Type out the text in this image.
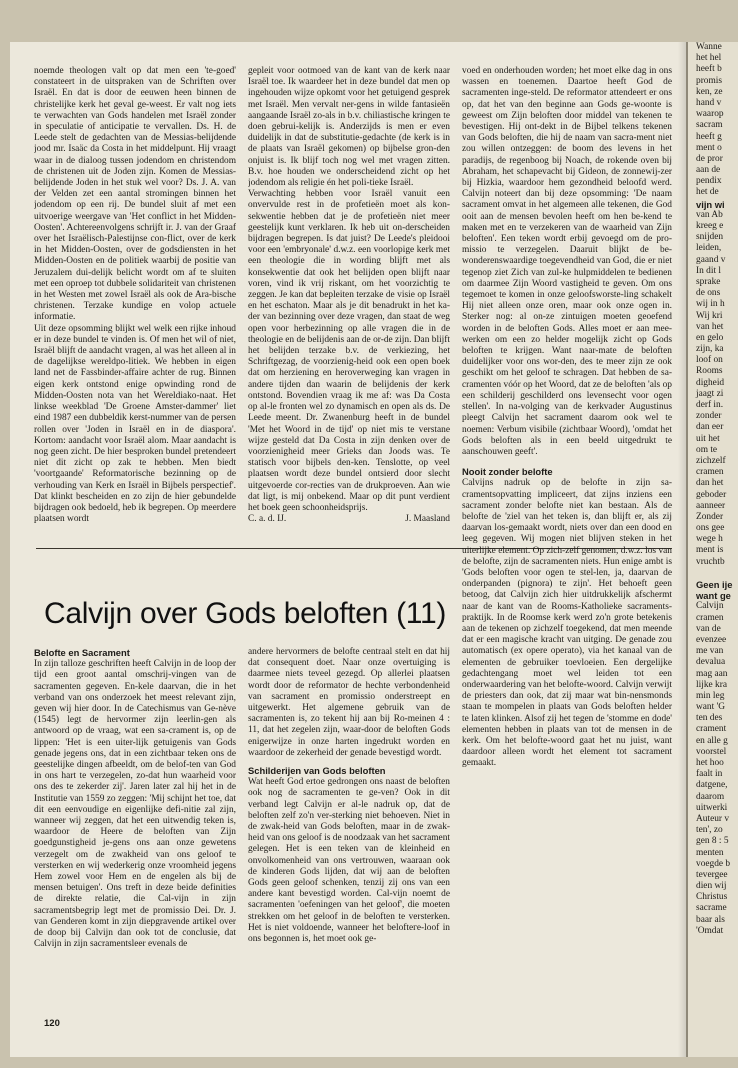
noemde theologen valt op dat men een 'te-goed' constateert in de uitspraken van de Schriften over Israël. En dat is door de eeuwen heen binnen de christelijke kerk het geval ge-weest. Er valt nog iets te verwachten van Gods handelen met Israël zonder in speculatie of anticipatie te vervallen. Ds. H. de Leede stelt de gedachten van de Messias-belijdende jood mr. Isaäc da Costa in het middelpunt. Hij vraagt waar in de dialoog tussen jodendom en christendom de christenen uit de Joden zijn. Komen de Messias-belijdende Joden in het stuk wel voor? Ds. J. A. van der Velden zet een aantal stromingen binnen het jodendom op een rij. De bundel sluit af met een uitvoerige weergave van 'Het conflict in het Midden-Oosten'. Achtereenvolgens schrijft ir. J. van der Graaf over het Israëlisch-Palestijnse con-flict, over de kerk in het Midden-Oosten, over de godsdiensten in het Midden-Oosten en de politiek waarbij de positie van Jeruzalem dui-delijk belicht wordt om af te sluiten met een oproep tot dubbele solidariteit van christenen in het Westen met zowel Israël als ook de Ara-bische christenen. Terzake kundige en volop actuele informatie.

Uit deze opsomming blijkt wel welk een rijke inhoud er in deze bundel te vinden is. Of men het wil of niet, Israël blijft de aandacht vragen, al was het alleen al in de dagelijkse wereldpo-litiek. We hebben in eigen land net de Fassbinder-affaire achter de rug. Binnen eigen kerk ontstond enige opwinding rond de Midden-Oosten nota van het Wereldiako-naat. Het linkse weekblad 'De Groene Amster-dammer' liet eind 1987 een dubbeldik kerst-nummer van de persen rollen over 'Joden in Israël en in de diaspora'. Kortom: aandacht voor Israël alom. Maar aandacht is nog geen zicht. De hier besproken bundel pretendeert niet dit zicht op zak te hebben. Men biedt 'voortgaande' Reformatorische bezinning op de verhouding van Kerk en Israël in Bijbels perspectief'. Dat klinkt bescheiden en zo zijn de hier gebundelde bijdragen ook bedoeld, heb ik begrepen. Op meerdere plaatsen wordt

gepleit voor ootmoed van de kant van de kerk naar Israël toe. Ik waardeer het in deze bundel dat men op ingehouden wijze opkomt voor het getuigend gesprek met Israël. Men vervalt ner-gens in wilde fantasieën aangaande Israël zo-als in b.v. chiliastische kringen te doen gebrui-kelijk is. Anderzijds is men er even duidelijk in dat de substitutie-gedachte (de kerk is in de plaats van Israël gekomen) op bijbelse gron-den onjuist is. Ik blijf toch nog wel met vragen zitten. B.v. hoe houden we onderscheidend zicht op het jodendom als religie én het poli-tieke Israël.

Verwachting hebben voor Israël vanuit een onvervulde rest in de profetieën moet als kon-sekwentie hebben dat je de profetieën niet meer geestelijk kunt verklaren. Ik heb uit on-derscheiden bijdragen begrepen. Is dat juist? De Leede's pleidooi voor een 'embryonale' d.w.z. een voorlopige kerk met een theologie die in wording blijft met als konsekwentie dat ook het belijden open blijft naar voren, vind ik vrij riskant, om het voorzichtig te zeggen. Je kan dat bepleiten terzake de visie op Israël en het eschaton. Maar als je dit benadrukt in het ka-der van bezinning over deze vragen, dan staat de weg open voor herbezinning op alle vragen die in de theologie en de belijdenis aan de or-de zijn. Dan blijft het belijden terzake b.v. de verkiezing, het Schriftgezag, de voorzienig-heid ook een open boek dat om herziening en heroverweging kan vragen in andere tijden dan waarin de belijdenis der kerk ontstond. Bovendien vraag ik me af: was Da Costa op al-le fronten wel zo dynamisch en open als ds. De Leede meent. Dr. Zwanenburg heeft in de bundel 'Met het Woord in de tijd' op niet mis te verstane wijze gesteld dat Da Costa in zijn denken over de voorzienigheid meer Grieks dan Joods was. Te statisch voor bijbels den-ken. Tenslotte, op veel plaatsen wordt deze bundel ontsierd door slecht uitgevoerde cor-recties van de drukproeven. Aan wie dat ligt, is mij onbekend. Maar op dit punt verdient het boek geen schoonheidsprijs.

C. a. d. IJ.	J. Maasland
Calvijn over Gods beloften (11)
Belofte en Sacrament

In zijn talloze geschriften heeft Calvijn in de loop der tijd een groot aantal omschrij-vingen van de sacramenten gegeven. En-kele daarvan, die in het verband van ons onderzoek het meest relevant zijn, geven wij hier door. In de Catechismus van Ge-nève (1545) legt de hervormer zijn leerlin-gen als antwoord op de vraag, wat een sa-crament is, op de lippen: 'Het is een uiter-lijk getuigenis van Gods genade jegens ons, dat in een zichtbaar teken ons de geestelijke dingen afbeeldt, om de belof-ten van God in ons hart te verzegelen, zo-dat hun waarheid voor ons des te zekerder zij'. Jaren later zal hij het in de Institutie van 1559 zo zeggen: 'Mij schijnt het toe, dat dit een eenvoudige en eigenlijke defi-nitie zal zijn, wanneer wij zeggen, dat het een uitwendig teken is, waardoor de Heere de beloften van Zijn goedgunstigheid je-gens ons aan onze gewetens verzegelt om de zwakheid van ons geloof te versterken en wij wederkerig onze vroomheid jegens Hem zowel voor Hem en de engelen als bij de mensen betuigen'. Ons treft in deze beide definities de direkte relatie, die Cal-vijn in zijn sacramentsbegrip legt met de promissio Dei. Dr. J. van Genderen komt in zijn diepgravende artikel over de doop bij Calvijn dan ook tot de conclusie, dat Calvijn in zijn sacramentsleer evenals de

andere hervormers de belofte centraal stelt en dat hij dat consequent doet. Naar onze overtuiging is daarmee niets teveel gezegd. Op allerlei plaatsen wordt door de reformator de hechte verbondenheid van sacrament en promissio onderstreept en uitgewerkt. Het algemene gebruik van de sacramenten is, zo tekent hij aan bij Ro-meinen 4 : 11, dat het zegelen zijn, waar-door de beloften Gods enigerwijze in onze harten ingedrukt worden en waardoor de zekerheid der genade bevestigd wordt.

Schilderijen van Gods beloften

Wat heeft God ertoe gedrongen ons naast de beloften ook nog de sacramenten te ge-ven? Ook in dit verband legt Calvijn er al-le nadruk op, dat de beloften zelf zo'n ver-sterking niet behoeven. Niet in de zwak-heid van Gods beloften, maar in de zwak-heid van ons geloof is de noodzaak van het sacrament gelegen. Het is een teken van de kleinheid en onvolkomenheid van ons vertrouwen, waaraan ook de kinderen Gods lijden, dat wij aan de beloften Gods geen geloof schenken, tenzij zij ons van een andere kant bevestigd worden. Cal-vijn noemt de sacramenten 'oefeningen van het geloof', die moeten strekken om het geloof in de beloften te versterken. Het is niet voldoende, wanneer het belofteге-loof in ons begonnen is, het moet ook ge-

voed en onderhouden worden; het moet elke dag in ons wassen en toenemen. Daartoe heeft God de sacramenten inge-steld. De reformator attendeert er ons op, dat het van den beginne aan Gods ge-woonte is geweest om Zijn beloften door middel van tekenen te bevestigen. Hij ont-dekt in de Bijbel telkens tekenen van Gods beloften, die hij de naam van sacra-ment niet zou willen ontzeggen: de boom des levens in het paradijs, de regenboog bij Noach, de rokende oven bij Abraham, het schapevacht bij Gideon, de zonnewij-zer bij Hizkia, waardoor hem gezondheid beloofd werd. Calvijn noteert dan bij deze opsomming: 'De naam sacrament omvat in het algemeen alle tekenen, die God ooit aan de mensen bevolen heeft om hen be-kend te maken met en te verzekeren van de waarheid van Zijn beloften'. Een teken wordt erbij gevoegd om de pro-missio te verzegelen. Daaruit blijkt de be-wonderenswaardige toegevendheid van God, die er niet tegenop ziet Zich van zul-ke hulpmiddelen te bedienen om daarmee Zijn Woord vastigheid te geven. Om ons tegemoet te komen in onze geloofsworste-ling schakelt Hij niet alleen onze oren, maar ook onze ogen in. Sterker nog: al on-ze zintuigen moeten geoefend worden in de beloften Gods. Alles moet er aan mee-werken om een zo helder mogelijk zicht op Gods beloften te krijgen. Want naar-mate de beloften duidelijker voor ons wor-den, des te meer zijn ze ook geschikt om het geloof te schragen. Dat hebben de sa-cramenten vóór op het Woord, dat ze de beloften 'als op een schilderij geschilderd ons levensecht voor ogen stellen'. In na-volging van de kerkvader Augustinus pleegt Calvijn het sacrament daarom ook wel te noemen: Verbum visibile (zichtbaar Woord), 'omdat het Gods beloften als in een beeld uitgedrukt te aanschouwen geeft'.

Nooit zonder belofte

Calvijns nadruk op de belofte in zijn sa-cramentsopvatting impliceert, dat zijns inziens een sacrament zonder belofte niet kan bestaan. Als de belofte de 'ziel van het teken is, dan blijft er, als zij daarvan los-gemaakt wordt, niets over dan een dood en leeg gegeven. Wij mogen niet blijven steken in het uiterlijke element. Op zich-zelf genomen, d.w.z. los van de belofte, zijn de sacramenten niets. Hun enige ambt is 'Gods beloften voor ogen te stel-len, ja, daarvan de onderpanden (pignora) te zijn'. Het behoeft geen betoog, dat Calvijn zich hier uitdrukkelijk afschermt naar de kant van de Rooms-Katholieke sacraments-praktijk. In de Roomse kerk werd zo'n grote betekenis aan de tekenen op zichzelf toegekend, dat men meende dat er een magische kracht van uitging. De genade zou automatisch (ex opere operato), via het kanaal van de elementen de gebruiker toevloeien. Een dergelijke gedachtengang moet wel leiden tot een onderwaardering van het belofte-woord. Calvijn verwijt de priesters dan ook, dat zij maar wat bin-nensmonds staan te mompelen in plaats van Gods beloften helder te laten klinken. Alsof zij het tegen de 'stomme en dode' elementen hebben in plaats van tot de mensen in de kerk. Om het belofte-woord gaat het nu juist, want daardoor alleen wordt het element tot sacrament gemaakt.

120
Wanne
het hel
heeft b
promis
ken, ze
hand v
waarop
sacram
heeft g
ment o
de pror
aan de
pendix
het de
vijn wi
van Ab
kreeg e
snijden
leiden,
gaand v
In dit l
sprake
de ons
wij in h
Wij kri
van het
en gelo
zijn, ka
loof on
Rooms
digheid
jaagt zi
derf in.
zonder
dan eer
uit het
om te
zichzelf
cramen
dan het
geboder
aanneer
Zonder
ons gee
wege h
ment is
vruchtb
Geen ije
want ge
Calvijn
cramen
van de
evenzee
me van
devalua
mag aan
lijke kra
min leg
want 'G
ten des
crament
en alle g
voorstel
het hoo
faalt in
datgene,
daarom
uitwerki
Auteur v
ten', zo
gen 8 : 5
menten
voegde b
tevergee
dien wij
Christus
sacrame
baar als
'Omdat
